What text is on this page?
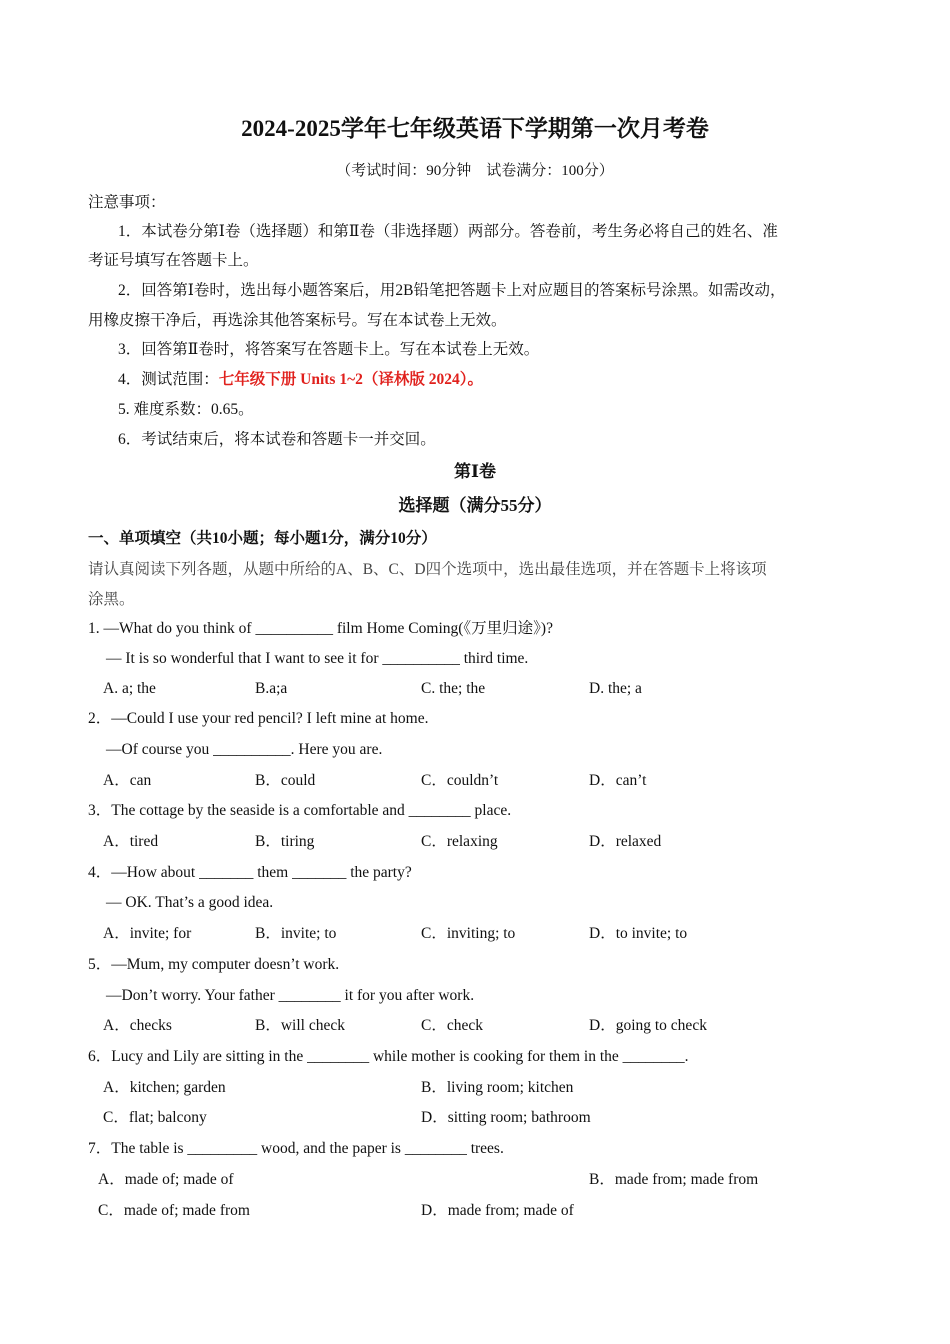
2024-2025学年七年级英语下学期第一次月考卷
（考试时间：90分钟　试卷满分：100分）
注意事项：
1．本试卷分第Ⅰ卷（选择题）和第Ⅱ卷（非选择题）两部分。答卷前，考生务必将自己的姓名、准
考证号填写在答题卡上。
2．回答第Ⅰ卷时，选出每小题答案后，用2B铅笔把答题卡上对应题目的答案标号涂黑。如需改动，
用橡皮擦干净后，再选涂其他答案标号。写在本试卷上无效。
3．回答第Ⅱ卷时，将答案写在答题卡上。写在本试卷上无效。
4．测试范围：七年级下册 Units 1~2（译林版 2024）。
5. 难度系数：0.65。
6．考试结束后，将本试卷和答题卡一并交回。
第Ⅰ卷
选择题（满分55分）
一、单项填空（共10小题；每小题1分，满分10分）
请认真阅读下列各题，从题中所给的A、B、C、D四个选项中，选出最佳选项，并在答题卡上将该项
涂黑。
1. —What do you think of __________ film Home Coming(《万里归途》)?
— It is so wonderful that I want to see it for __________ third time.
A. a; the	B.a;a	C. the; the	D. the; a
2．—Could I use your red pencil? I left mine at home.
—Of course you __________. Here you are.
A．can	B．could	C．couldn’t	D．can’t
3．The cottage by the seaside is a comfortable and ________ place.
A．tired	B．tiring	C．relaxing	D．relaxed
4．—How about _______ them _______ the party?
— OK. That’s a good idea.
A．invite; for	B．invite; to	C．inviting; to	D．to invite; to
5．—Mum, my computer doesn’t work.
—Don’t worry. Your father ________ it for you after work.
A．checks	B．will check	C．check	D．going to check
6．Lucy and Lily are sitting in the ________ while mother is cooking for them in the ________.
A．kitchen; garden	B．living room; kitchen
C．flat; balcony	D．sitting room; bathroom
7．The table is _________ wood, and the paper is ________ trees.
A．made of; made of	B．made from; made from
C．made of; made from	D．made from; made of
